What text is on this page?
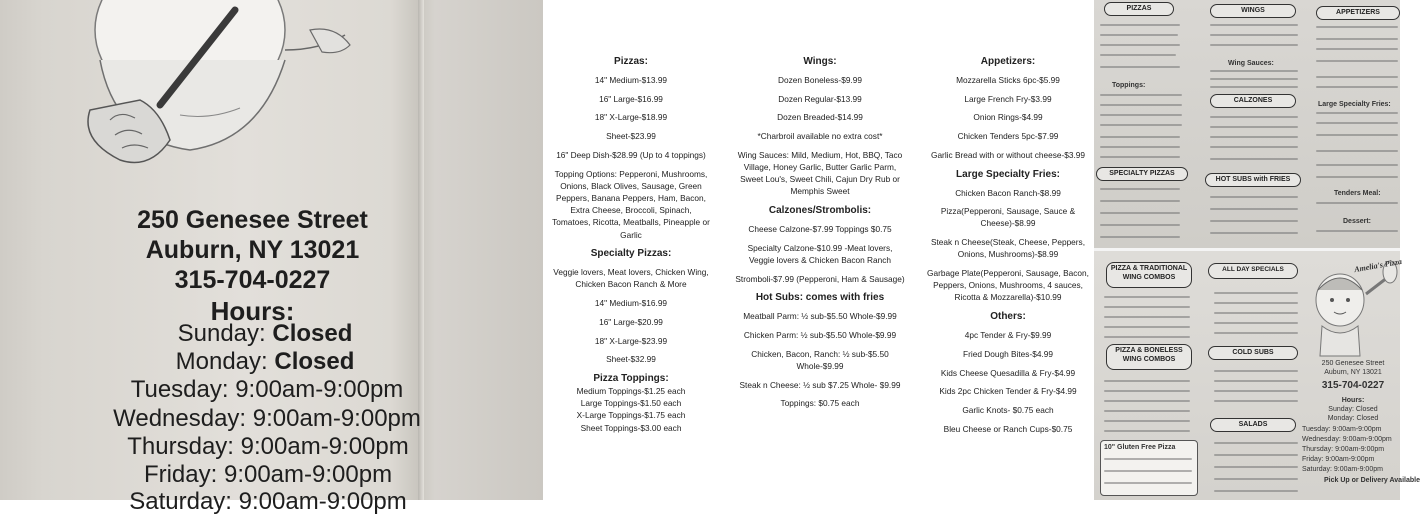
250 Genesee Street
Auburn, NY 13021
315-704-0227
Hours:
Sunday: Closed
Monday: Closed
Tuesday: 9:00am-9:00pm
Wednesday: 9:00am-9:00pm
Thursday: 9:00am-9:00pm
Friday: 9:00am-9:00pm
Saturday: 9:00am-9:00pm
Pizzas:

14" Medium-$13.99

16" Large-$16.99

18" X-Large-$18.99

Sheet-$23.99

16" Deep Dish-$28.99 (Up to 4 toppings)

Topping Options: Pepperoni, Mushrooms, Onions, Black Olives, Sausage, Green Peppers, Banana Peppers, Ham, Bacon, Extra Cheese, Broccoli, Spinach, Tomatoes, Ricotta, Meatballs, Pineapple or Garlic

Specialty Pizzas:

Veggie lovers, Meat lovers, Chicken Wing, Chicken Bacon Ranch & More

14" Medium-$16.99

16" Large-$20.99

18" X-Large-$23.99

Sheet-$32.99

Pizza Toppings:

Medium Toppings-$1.25 each

Large Toppings-$1.50 each

X-Large Toppings-$1.75 each

Sheet Toppings-$3.00 each

Wings:

Dozen Boneless-$9.99

Dozen Regular-$13.99

Dozen Breaded-$14.99

*Charbroil available no extra cost*

Wing Sauces: Mild, Medium, Hot, BBQ, Taco Village, Honey Garlic, Butter Garlic Parm, Sweet Lou's, Sweet Chili, Cajun Dry Rub or Memphis Sweet

Calzones/Strombolis:

Cheese Calzone-$7.99 Toppings $0.75

Specialty Calzone-$10.99 -Meat lovers, Veggie lovers & Chicken Bacon Ranch

Stromboli-$7.99 (Pepperoni, Ham & Sausage)

Hot Subs: comes with fries

Meatball Parm: ½ sub-$5.50 Whole-$9.99

Chicken Parm: ½ sub-$5.50 Whole-$9.99

Chicken, Bacon, Ranch: ½ sub-$5.50 Whole-$9.99

Steak n Cheese: ½ sub $7.25 Whole- $9.99

Toppings: $0.75 each

Appetizers:

Mozzarella Sticks 6pc-$5.99

Large French Fry-$3.99

Onion Rings-$4.99

Chicken Tenders 5pc-$7.99

Garlic Bread with or without cheese-$3.99

Large Specialty Fries:

Chicken Bacon Ranch-$8.99

Pizza(Pepperoni, Sausage, Sauce & Cheese)-$8.99

Steak n Cheese(Steak, Cheese, Peppers, Onions, Mushrooms)-$8.99

Garbage Plate(Pepperoni, Sausage, Bacon, Peppers, Onions, Mushrooms, 4 sauces, Ricotta & Mozzarella)-$10.99

Others:

4pc Tender & Fry-$9.99

Fried Dough Bites-$4.99

Kids Cheese Quesadilla & Fry-$4.99

Kids 2pc Chicken Tender & Fry-$4.99

Garlic Knots- $0.75 each

Bleu Cheese or Ranch Cups-$0.75

PIZZAS	WINGS	APPETIZERS
CALZONES
SPECIALTY PIZZAS
HOT SUBS with FRIES
Toppings:
Wing Sauces:
Large Specialty Fries:
Tenders Meal:
Dessert:
PIZZA & TRADITIONAL WING COMBOS
ALL DAY SPECIALS
PIZZA & BONELESS WING COMBOS
COLD SUBS
SALADS
10" Gluten Free Pizza
Amelia's Pizza
250 Genesee Street
Auburn, NY 13021
315-704-0227
Hours:
Sunday: Closed
Monday: Closed
Tuesday: 9:00am-9:00pm
Wednesday: 9:00am-9:00pm
Thursday: 9:00am-9:00pm
Friday: 9:00am-9:00pm
Saturday: 9:00am-9:00pm
Pick Up or Delivery Available
